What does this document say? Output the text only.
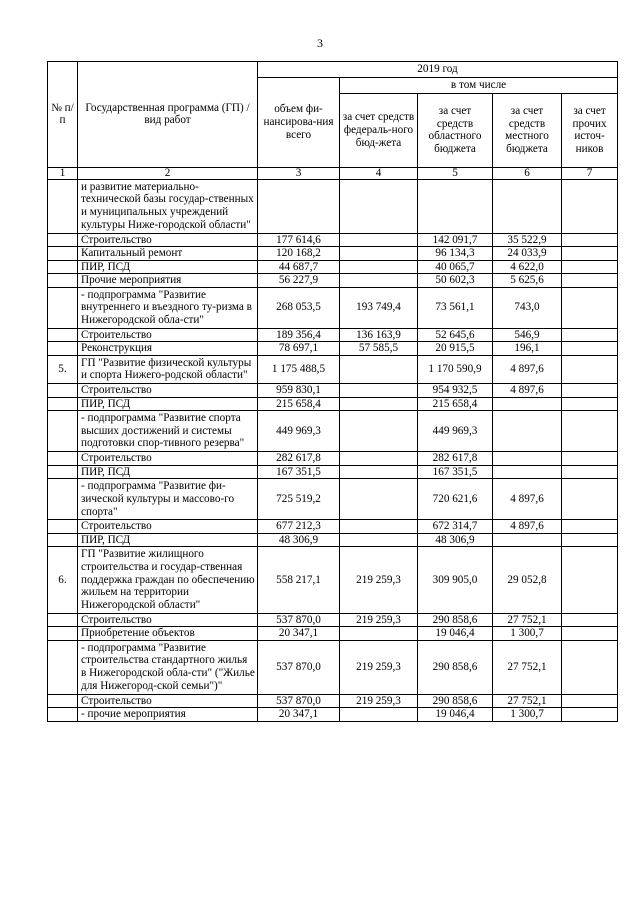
3
№ п/п	Государственная программа (ГП) / вид работ	2019 год				
		объем фи-нансирова-ния всего	в том числе			
			за счет средств федераль-ного бюд-жета	за счет средств областного бюджета	за счет средств местного бюджета	за счет прочих источ-ников
1	2	3	4	5	6	7
	и развитие материально-технической базы государ-ственных и муниципальных учреждений культуры Ниже-городской области"					
	Строительство	177 614,6		142 091,7	35 522,9	
	Капитальный ремонт	120 168,2		96 134,3	24 033,9	
	ПИР, ПСД	44 687,7		40 065,7	4 622,0	
	Прочие мероприятия	56 227,9		50 602,3	5 625,6	
	- подпрограмма "Развитие внутреннего и въездного ту-ризма в Нижегородской обла-сти"	268 053,5	193 749,4	73 561,1	743,0	
	Строительство	189 356,4	136 163,9	52 645,6	546,9	
	Реконструкция	78 697,1	57 585,5	20 915,5	196,1	
5.	ГП "Развитие физической культуры и спорта Нижего-родской области"	1 175 488,5		1 170 590,9	4 897,6	
	Строительство	959 830,1		954 932,5	4 897,6	
	ПИР, ПСД	215 658,4		215 658,4		
	- подпрограмма "Развитие спорта высших достижений и системы подготовки спор-тивного резерва"	449 969,3		449 969,3		
	Строительство	282 617,8		282 617,8		
	ПИР, ПСД	167 351,5		167 351,5		
	- подпрограмма "Развитие фи-зической культуры и массово-го спорта"	725 519,2		720 621,6	4 897,6	
	Строительство	677 212,3		672 314,7	4 897,6	
	ПИР, ПСД	48 306,9		48 306,9		
6.	ГП "Развитие жилищного строительства и государ-ственная поддержка граждан по обеспечению жильем на территории Нижегородской области"	558 217,1	219 259,3	309 905,0	29 052,8	
	Строительство	537 870,0	219 259,3	290 858,6	27 752,1	
	Приобретение объектов	20 347,1		19 046,4	1 300,7	
	- подпрограмма "Развитие строительства стандартного жилья в Нижегородской обла-сти" ("Жилье для Нижегород-ской семьи")"	537 870,0	219 259,3	290 858,6	27 752,1	
	Строительство	537 870,0	219 259,3	290 858,6	27 752,1	
	- прочие мероприятия	20 347,1		19 046,4	1 300,7	
